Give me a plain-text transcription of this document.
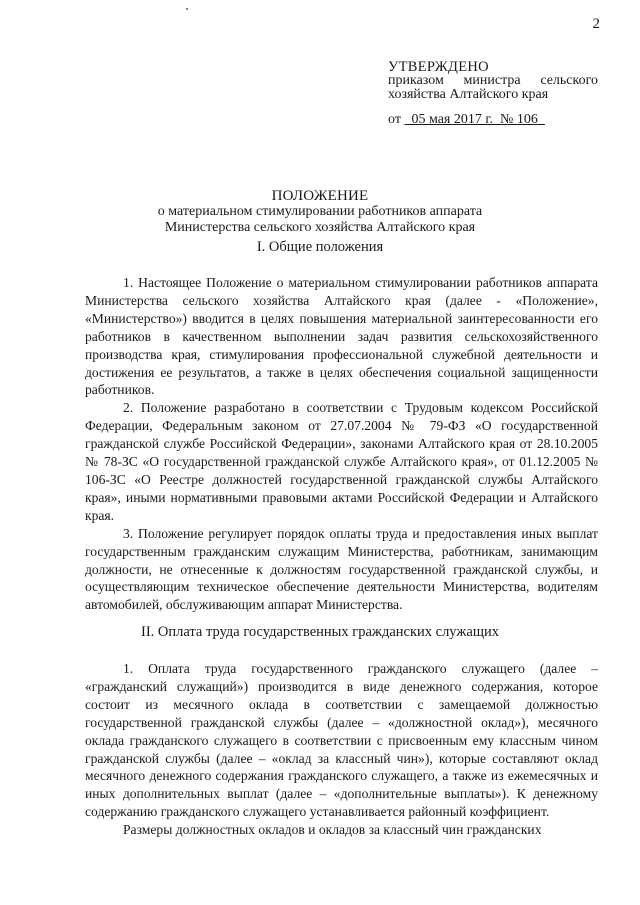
2
УТВЕРЖДЕНО
приказом министра сельского
хозяйства Алтайского края
от 05 мая 2017 г. № 106
ПОЛОЖЕНИЕ
о материальном стимулировании работников аппарата
Министерства сельского хозяйства Алтайского края
I. Общие положения

1. Настоящее Положение о материальном стимулировании работников аппарата Министерства сельского хозяйства Алтайского края (далее - «Положение», «Министерство») вводится в целях повышения материальной заинтересованности его работников в качественном выполнении задач развития сельскохозяйственного производства края, стимулирования профессиональной служебной деятельности и достижения ее результатов, а также в целях обеспечения социальной защищенности работников.

2. Положение разработано в соответствии с Трудовым кодексом Российской Федерации, Федеральным законом от 27.07.2004 № 79-ФЗ «О государственной гражданской службе Российской Федерации», законами Алтайского края от 28.10.2005 № 78-ЗС «О государственной гражданской службе Алтайского края», от 01.12.2005 № 106-ЗС «О Реестре должностей государственной гражданской службы Алтайского края», иными нормативными правовыми актами Российской Федерации и Алтайского края.

3. Положение регулирует порядок оплаты труда и предоставления иных выплат государственным гражданским служащим Министерства, работникам, занимающим должности, не отнесенные к должностям государственной гражданской службы, и осуществляющим техническое обеспечение деятельности Министерства, водителям автомобилей, обслуживающим аппарат Министерства.

II. Оплата труда государственных гражданских служащих

1. Оплата труда государственного гражданского служащего (далее – «гражданский служащий») производится в виде денежного содержания, которое состоит из месячного оклада в соответствии с замещаемой должностью государственной гражданской службы (далее – «должностной оклад»), месячного оклада гражданского служащего в соответствии с присвоенным ему классным чином гражданской службы (далее – «оклад за классный чин»), которые составляют оклад месячного денежного содержания гражданского служащего, а также из ежемесячных и иных дополнительных выплат (далее – «дополнительные выплаты»). К денежному содержанию гражданского служащего устанавливается районный коэффициент.

Размеры должностных окладов и окладов за классный чин гражданских
